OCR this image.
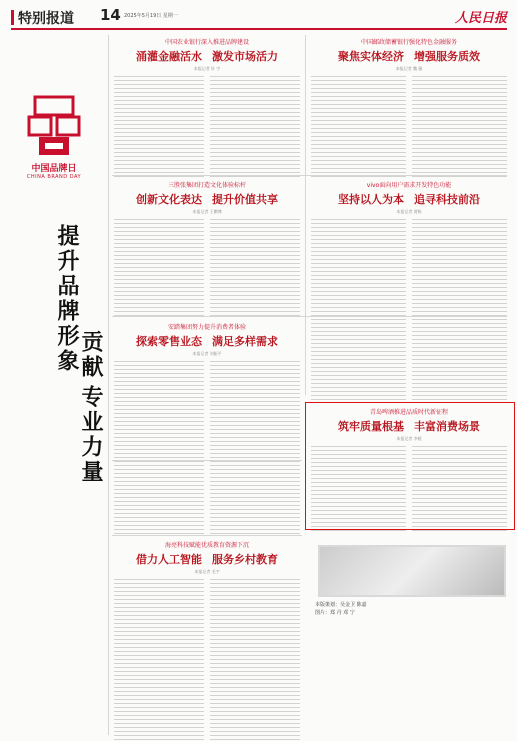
特别报道 14 2025年5月19日 星期一	人民日报
中国品牌日
CHINA BRAND DAY
提升品牌形象
贡献
专业力量
中国农业银行深入推进品牌建设
涌灌金融活水 激发市场活力
本报记者 杜 宇
中国邮政储蓄银行强化特色金融服务
聚焦实体经济 增强服务质效
本报记者 魏 薇
三胜张集团打造文化体验标杆
创新文化表达 提升价值共享
本报记者 王鹏博
vivo面向用户需求开发特色功能
坚持以人为本 追寻科技前沿
本报记者 贾栋
安踏集团努力提升消费者体验
探索零售业态 满足多样需求
本报记者 刘振平
青岛啤酒推进品质时代新征程
筑牢质量根基 丰富消费场景
本报记者 李媛
海亮科技赋能优质教育资源下沉
借力人工智能 服务乡村教育
本报记者 毛宇
本版策划：吴金卫 陈嘉
图片：郑 丹 邓 宁
